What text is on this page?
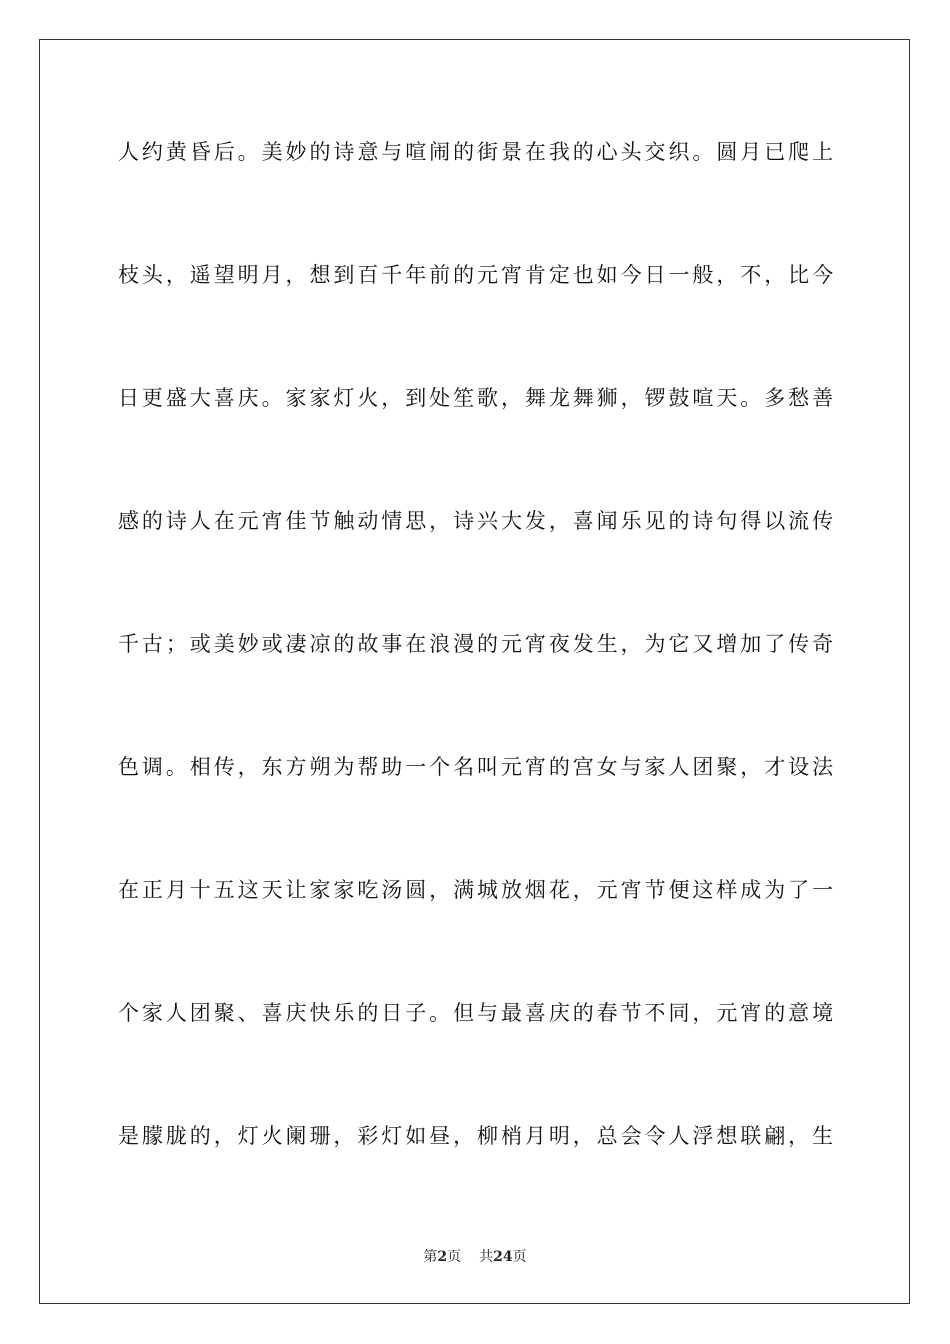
人约黄昏后。美妙的诗意与喧闹的街景在我的心头交织。圆月已爬上
枝头，遥望明月，想到百千年前的元宵肯定也如今日一般，不，比今
日更盛大喜庆。家家灯火，到处笙歌，舞龙舞狮，锣鼓喧天。多愁善
感的诗人在元宵佳节触动情思，诗兴大发，喜闻乐见的诗句得以流传
千古；或美妙或凄凉的故事在浪漫的元宵夜发生，为它又增加了传奇
色调。相传，东方朔为帮助一个名叫元宵的宫女与家人团聚，才设法
在正月十五这天让家家吃汤圆，满城放烟花，元宵节便这样成为了一
个家人团聚、喜庆快乐的日子。但与最喜庆的春节不同，元宵的意境
是朦胧的，灯火阑珊，彩灯如昼，柳梢月明，总会令人浮想联翩，生
第2页 共24页
